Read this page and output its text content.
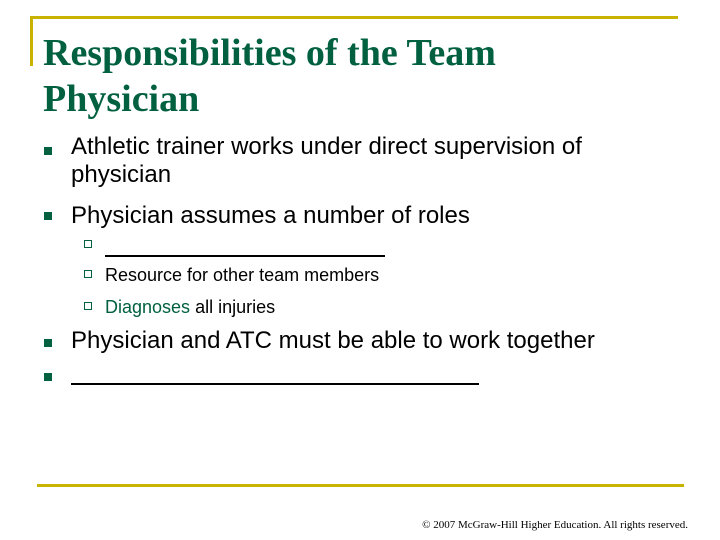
Responsibilities of the Team
Physician
Athletic trainer works under direct supervision of
physician
Physician assumes a number of roles
Resource for other team members
Diagnoses all injuries
Physician and ATC must be able to work together
© 2007 McGraw-Hill Higher Education. All rights reserved.
